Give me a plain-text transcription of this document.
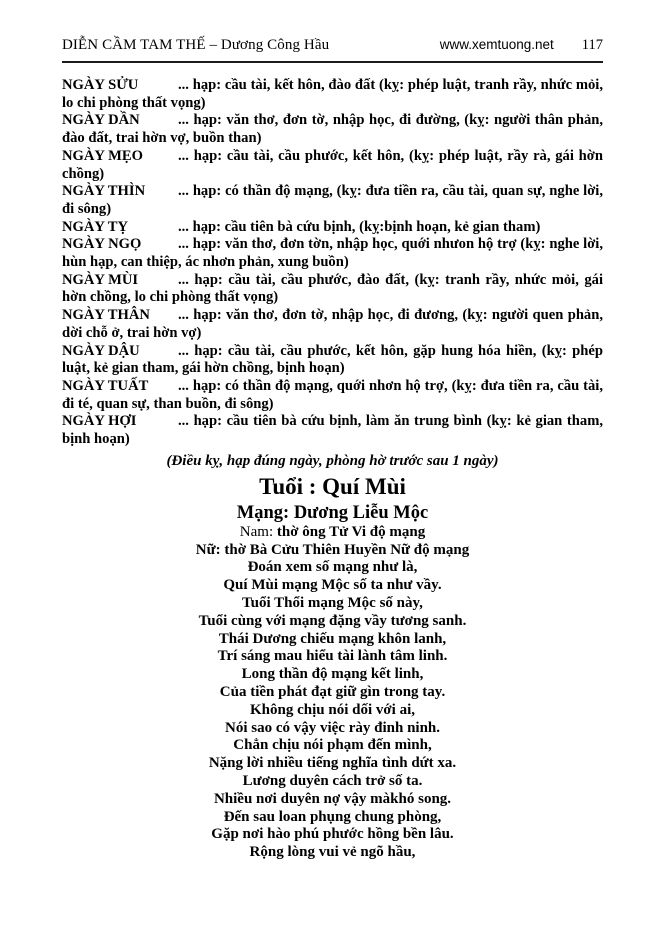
DIỄN CẦM TAM THẾ – Dương Công Hầu	www.xemtuong.net 117

NGÀY SỬU	... hạp: cầu tài, kết hôn, đào đất (kỵ: phép luật, tranh rầy, nhức mỏi, lo chi phòng thất vọng)

NGÀY DẦN	... hạp: văn thơ, đơn tờ, nhập học, đi đường, (kỵ: người thân phản, đào đất, trai hờn vợ, buồn than)

NGÀY MẸO ... hạp: cầu tài, cầu phước, kết hôn, (kỵ: phép luật, rầy rà, gái hờn chồng)

NGÀY THÌN ... hạp: có thần độ mạng, (kỵ: đưa tiền ra, cầu tài, quan sự, nghe lời, đi sông)

NGÀY TỴ	... hạp: cầu tiên bà cứu bịnh, (kỵ:bịnh hoạn, kẻ gian tham)

NGÀY NGỌ	... hạp: văn thơ, đơn tờn, nhập học, quới nhưon hộ trợ (kỵ: nghe lời, hùn hạp, can thiệp, ác nhơn phản, xung buồn)

NGÀY MÙI	... hạp: cầu tài, cầu phước, đào đất, (kỵ: tranh rầy, nhức mỏi, gái hờn chồng, lo chi phòng thất vọng)

NGÀY THÂN ... hạp: văn thơ, đơn tờ, nhập học, đi đương, (kỵ: người quen phản, dời chỗ ở, trai hờn vợ)

NGÀY DẬU	... hạp: cầu tài, cầu phước, kết hôn, gặp hung hóa hiền, (kỵ: phép luật, kẻ gian tham, gái hờn chồng, bịnh hoạn)

NGÀY TUẤT ... hạp: có thần độ mạng, quới nhơn hộ trợ, (kỵ: đưa tiền ra, cầu tài, đi té, quan sự, than buồn, đi sông)

NGÀY HỢI	... hạp: cầu tiên bà cứu bịnh, làm ăn trung bình (kỵ: kẻ gian tham, bịnh hoạn)

(Điều kỵ, hạp đúng ngày, phòng hờ trước sau 1 ngày)
Tuổi : Quí Mùi
Mạng: Dương Liễu Mộc
Nam: thờ ông Tử Vi độ mạng
Nữ: thờ Bà Cửu Thiên Huyền Nữ độ mạng
Đoán xem số mạng như là,
Quí Mùi mạng Mộc số ta như vầy.
Tuổi Thổi mạng Mộc số này,
Tuổi cùng với mạng đặng vầy tương sanh.
Thái Dương chiếu mạng khôn lanh,
Trí sáng mau hiểu tài lành tâm linh.
Long thần độ mạng kết linh,
Của tiền phát đạt giữ gìn trong tay.
Không chịu nói dối với ai,
Nói sao có vậy việc rày đinh ninh.
Chẳn chịu nói phạm đến mình,
Nặng lời nhiều tiếng nghĩa tình dứt xa.
Lương duyên cách trở số ta.
Nhiều nơi duyên nợ vậy màkhó song.
Đến sau loan phụng chung phòng,
Gặp nơi hào phú phước hồng bền lâu.
Rộng lòng vui vẻ ngõ hầu,
